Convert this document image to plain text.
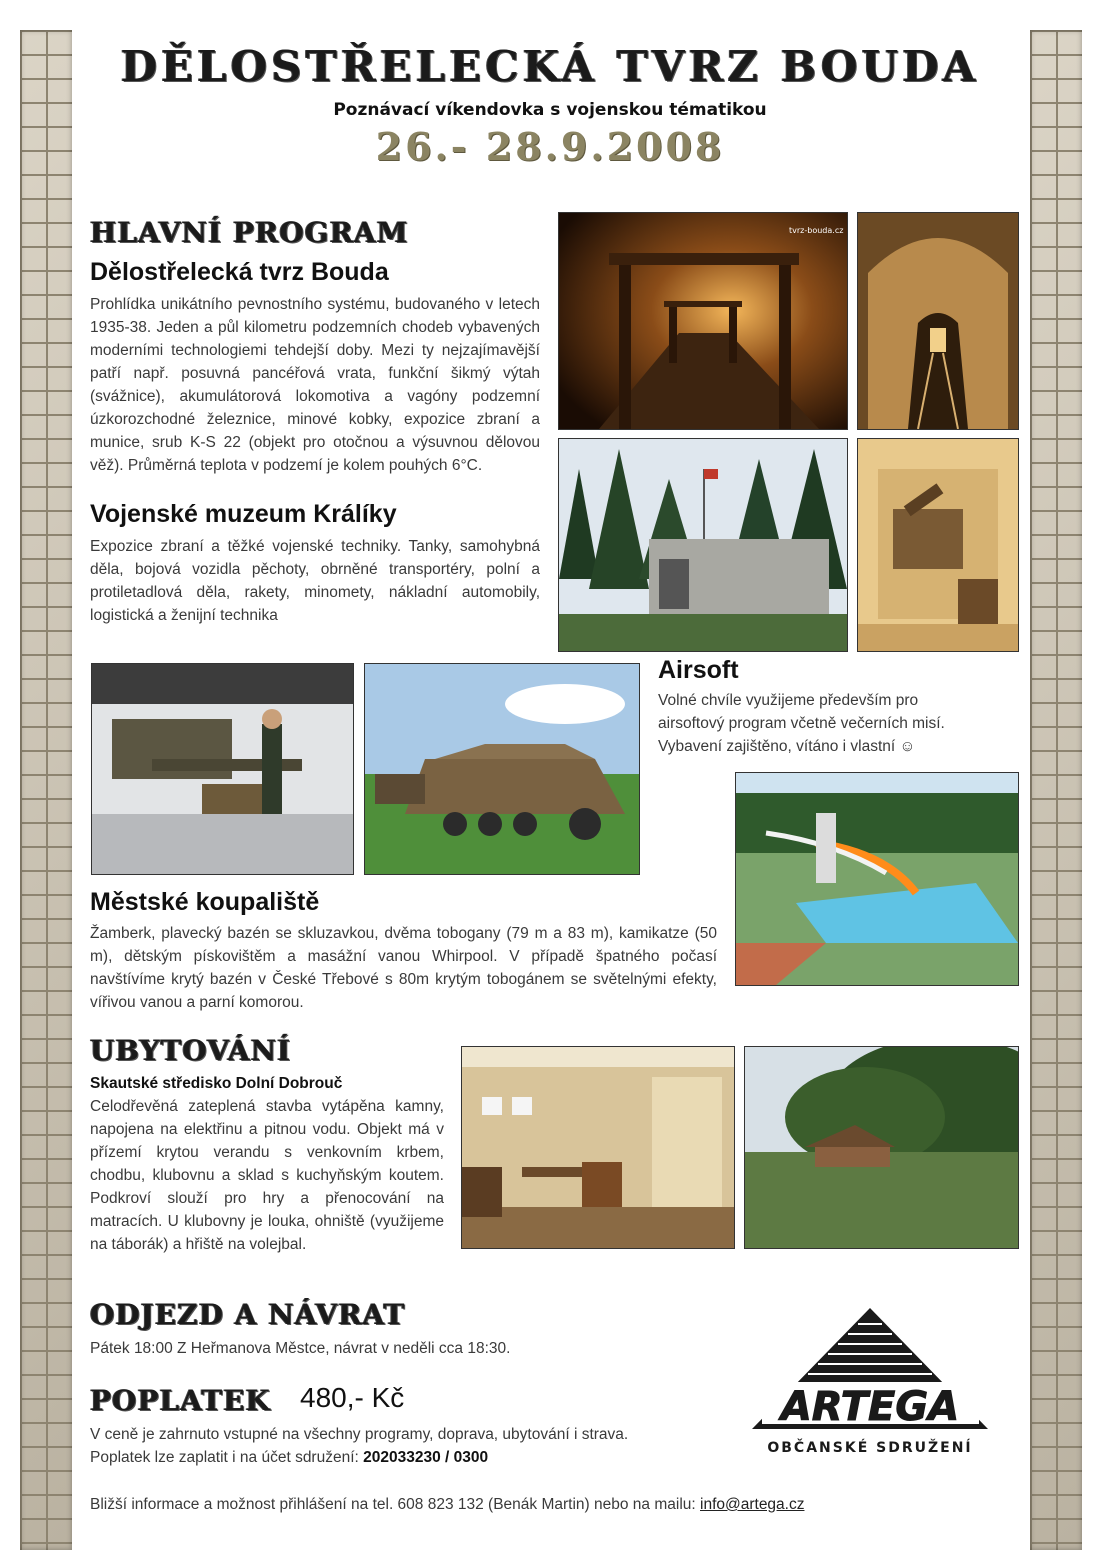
DĚLOSTŘELECKÁ TVRZ BOUDA
Poznávací víkendovka s vojenskou tématikou
26.- 28.9.2008
HLAVNÍ PROGRAM
Dělostřelecká tvrz Bouda
Prohlídka unikátního pevnostního systému, budovaného v letech 1935-38. Jeden a půl kilometru podzemních chodeb vybavených moderními technologiemi tehdejší doby. Mezi ty nejzajímavější patří např. posuvná pancéřová vrata, funkční šikmý výtah (svážnice), akumulátorová lokomotiva a vagóny podzemní úzkorozchodné železnice, minové kobky, expozice zbraní a munice, srub K-S 22 (objekt pro otočnou a výsuvnou dělovou věž). Průměrná teplota v podzemí je kolem pouhých 6°C.
Vojenské muzeum Králíky
Expozice zbraní a těžké vojenské techniky. Tanky, samohybná děla, bojová vozidla pěchoty, obrněné transportéry, polní a protiletadlová děla, rakety, minomety, nákladní automobily, logistická a ženijní technika
tvrz-bouda.cz
Airsoft
Volné chvíle využijeme především pro airsoftový program včetně večerních misí. Vybavení zajištěno, vítáno i vlastní ☺
Městské koupaliště
Žamberk, plavecký bazén se skluzavkou, dvěma tobogany (79 m a 83 m), kamikatze (50 m), dětským pískovištěm a masážní vanou Whirpool. V případě špatného počasí navštívíme krytý bazén v České Třebové s 80m krytým tobogánem se světelnými efekty, vířivou vanou a parní komorou.
UBYTOVÁNÍ
Skautské středisko Dolní Dobrouč
Celodřevěná zateplená stavba vytápěna kamny, napojena na elektřinu a pitnou vodu. Objekt má v přízemí krytou verandu s venkovním krbem, chodbu, klubovnu a sklad s kuchyňským koutem. Podkroví slouží pro hry a přenocování na matracích. U klubovny je louka, ohniště (využijeme na táborák) a hřiště na volejbal.
ODJEZD A NÁVRAT
Pátek 18:00 Z Heřmanova Městce, návrat v neděli cca 18:30.
POPLATEK 480,- Kč
V ceně je zahrnuto vstupné na všechny programy, doprava, ubytování i strava.
Poplatek lze zaplatit i na účet sdružení: 202033230 / 0300
ARTEGA
OBČANSKÉ SDRUŽENÍ
Bližší informace a možnost přihlášení na tel. 608 823 132 (Benák Martin) nebo na mailu: info@artega.cz
